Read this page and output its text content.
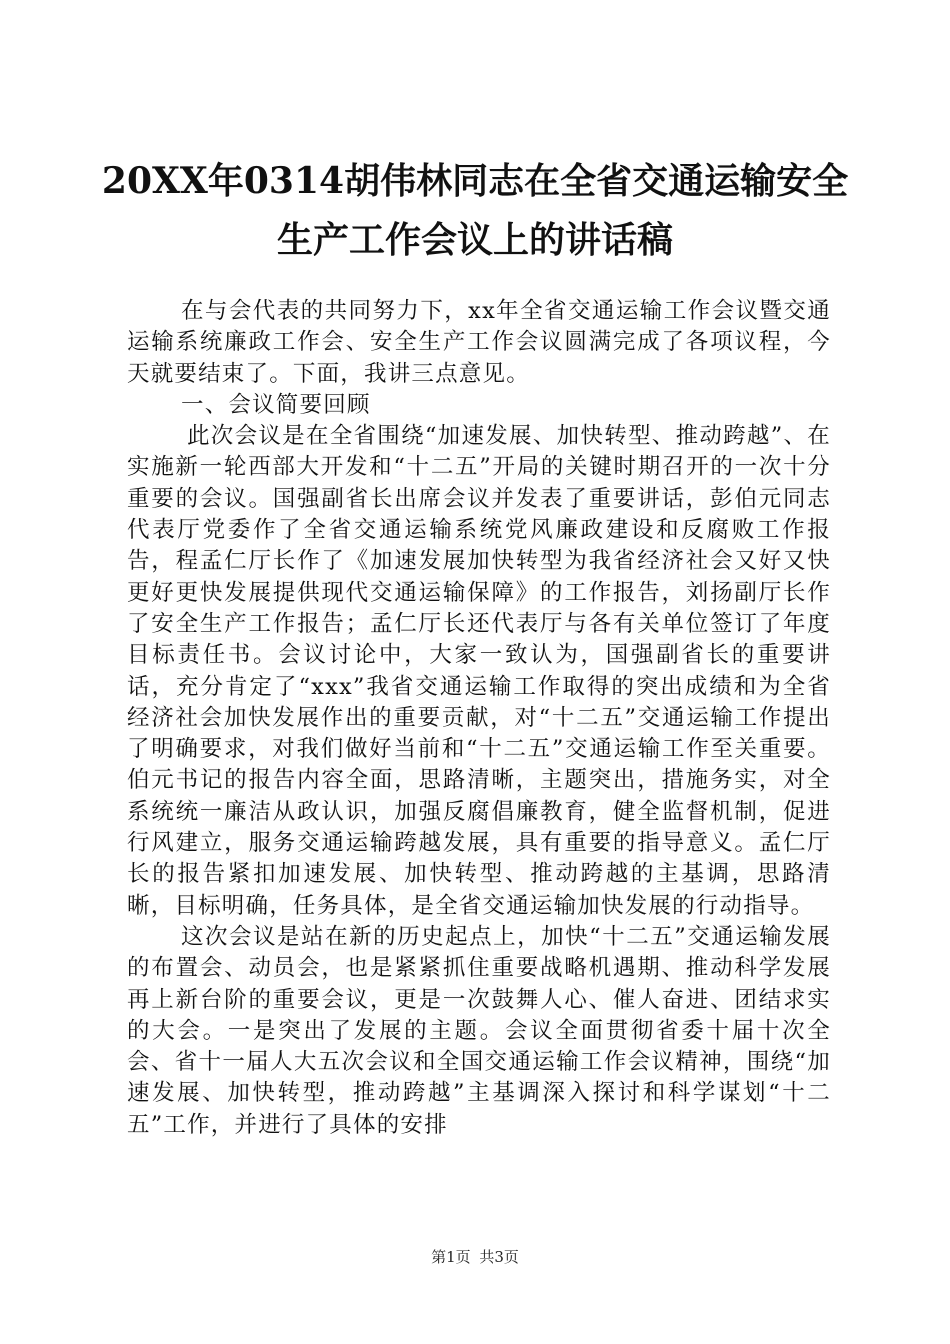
20XX年0314胡伟林同志在全省交通运输安全
生产工作会议上的讲话稿

在与会代表的共同努力下，xx年全省交通运输工作会议暨交通运输系统廉政工作会、安全生产工作会议圆满完成了各项议程，今天就要结束了。下面，我讲三点意见。

一、会议简要回顾

此次会议是在全省围绕“加速发展、加快转型、推动跨越”、在实施新一轮西部大开发和“十二五”开局的关键时期召开的一次十分重要的会议。国强副省长出席会议并发表了重要讲话，彭伯元同志代表厅党委作了全省交通运输系统党风廉政建设和反腐败工作报告，程孟仁厅长作了《加速发展加快转型为我省经济社会又好又快更好更快发展提供现代交通运输保障》的工作报告，刘扬副厅长作了安全生产工作报告；孟仁厅长还代表厅与各有关单位签订了年度目标责任书。会议讨论中，大家一致认为，国强副省长的重要讲话，充分肯定了“xxx”我省交通运输工作取得的突出成绩和为全省经济社会加快发展作出的重要贡献，对“十二五”交通运输工作提出了明确要求，对我们做好当前和“十二五”交通运输工作至关重要。伯元书记的报告内容全面，思路清晰，主题突出，措施务实，对全系统统一廉洁从政认识，加强反腐倡廉教育，健全监督机制，促进行风建立，服务交通运输跨越发展，具有重要的指导意义。孟仁厅长的报告紧扣加速发展、加快转型、推动跨越的主基调，思路清晰，目标明确，任务具体，是全省交通运输加快发展的行动指导。

这次会议是站在新的历史起点上，加快“十二五”交通运输发展的布置会、动员会，也是紧紧抓住重要战略机遇期、推动科学发展再上新台阶的重要会议，更是一次鼓舞人心、催人奋进、团结求实的大会。一是突出了发展的主题。会议全面贯彻省委十届十次全会、省十一届人大五次会议和全国交通运输工作会议精神，围绕“加速发展、加快转型，推动跨越”主基调深入探讨和科学谋划“十二五”工作，并进行了具体的安排

第1页 共3页
